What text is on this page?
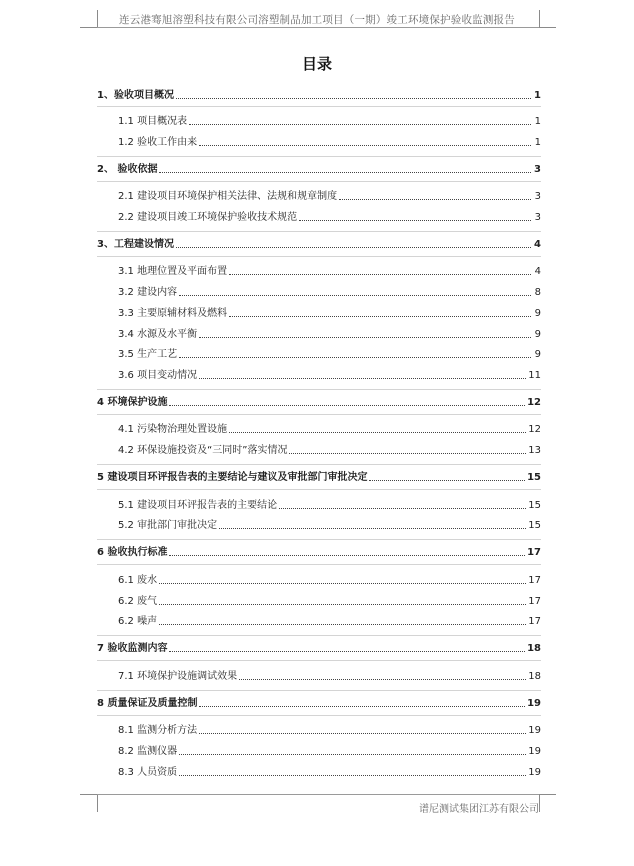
连云港骞旭溶塑科技有限公司溶塑制品加工项目（一期）竣工环境保护验收监测报告
目录
1、验收项目概况	1
1.1 项目概况表	1
1.2 验收工作由来	1
2、 验收依据	3
2.1 建设项目环境保护相关法律、法规和规章制度	3
2.2 建设项目竣工环境保护验收技术规范	3
3、工程建设情况	4
3.1 地理位置及平面布置	4
3.2 建设内容	8
3.3 主要原辅材料及燃料	9
3.4 水源及水平衡	9
3.5 生产工艺	9
3.6 项目变动情况	11
4 环境保护设施	12
4.1 污染物治理处置设施	12
4.2 环保设施投资及“三同时”落实情况	13
5 建设项目环评报告表的主要结论与建议及审批部门审批决定	15
5.1 建设项目环评报告表的主要结论	15
5.2 审批部门审批决定	15
6 验收执行标准	17
6.1 废水	17
6.2 废气	17
6.2 噪声	17
7 验收监测内容	18
7.1 环境保护设施调试效果	18
8 质量保证及质量控制	19
8.1 监测分析方法	19
8.2 监测仪器	19
8.3 人员资质	19
谱尼测试集团江苏有限公司
